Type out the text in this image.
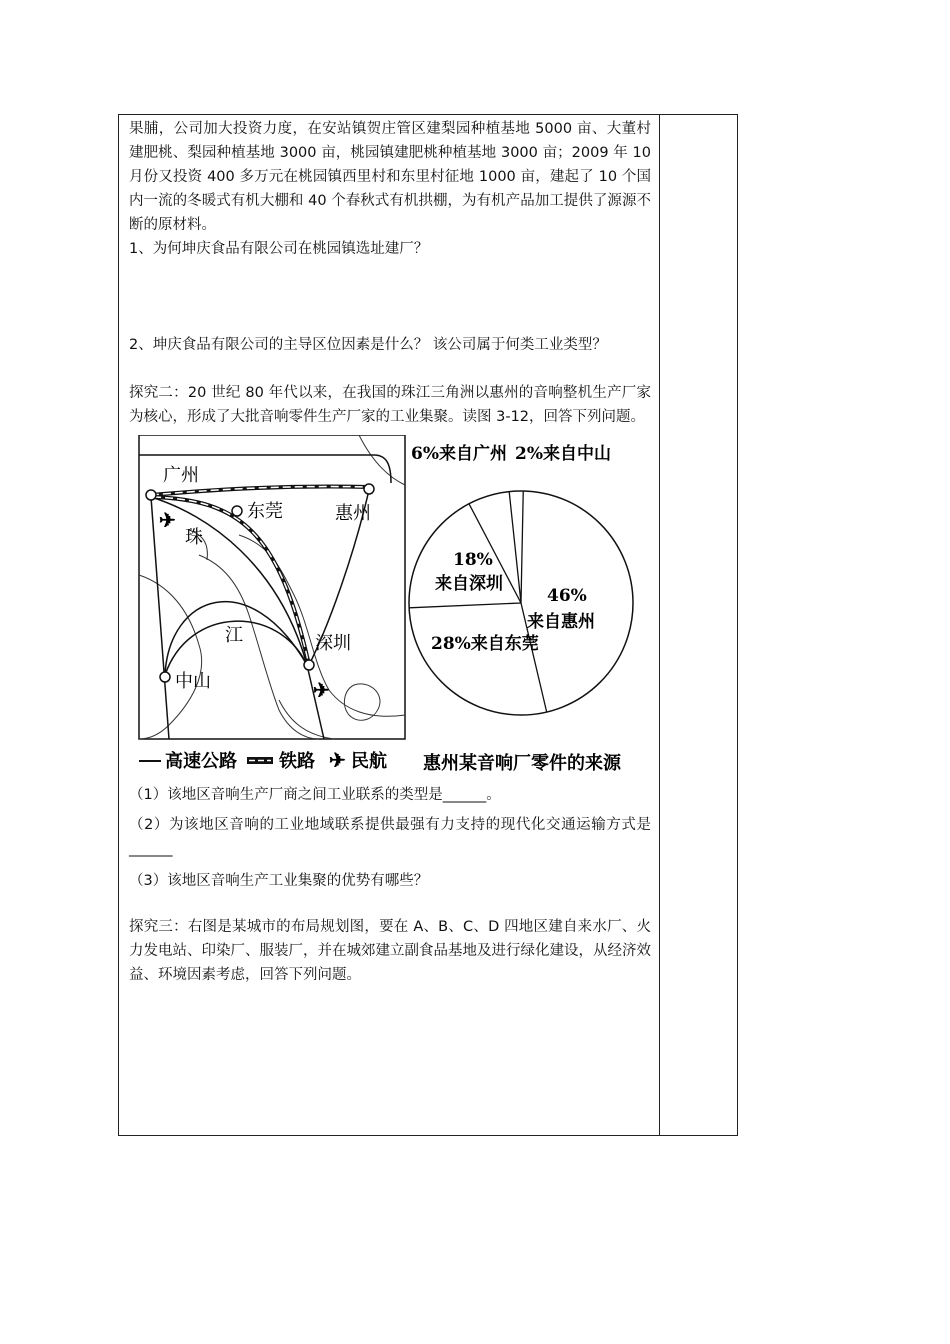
果脯，公司加大投资力度，在安站镇贺庄管区建梨园种植基地 5000 亩、大董村建肥桃、梨园种植基地 3000 亩，桃园镇建肥桃种植基地 3000 亩；2009 年 10 月份又投资 400 多万元在桃园镇西里村和东里村征地 1000 亩，建起了 10 个国内一流的冬暖式有机大棚和 40 个春秋式有机拱棚，为有机产品加工提供了源源不断的原材料。

1、为何坤庆食品有限公司在桃园镇选址建厂？

2、坤庆食品有限公司的主导区位因素是什么？ 该公司属于何类工业类型？

探究二：20 世纪 80 年代以来，在我国的珠江三角洲以惠州的音响整机生产厂家为核心，形成了大批音响零件生产厂家的工业集聚。读图 3-12，回答下列问题。

✈
✈
广州
东莞	惠州
深圳
中山
珠
江
高速公路 铁路 ✈ 民航
6%来自广州 2%来自中山
18%
来自深圳
46%
来自惠州
28%来自东莞
惠州某音响厂零件的来源

（1）该地区音响生产厂商之间工业联系的类型是______。

（2）为该地区音响的工业地域联系提供最强有力支持的现代化交通运输方式是______

（3）该地区音响生产工业集聚的优势有哪些？

探究三：右图是某城市的布局规划图，要在 A、B、C、D 四地区建自来水厂、火力发电站、印染厂、服装厂，并在城郊建立副食品基地及进行绿化建设，从经济效益、环境因素考虑，回答下列问题。
